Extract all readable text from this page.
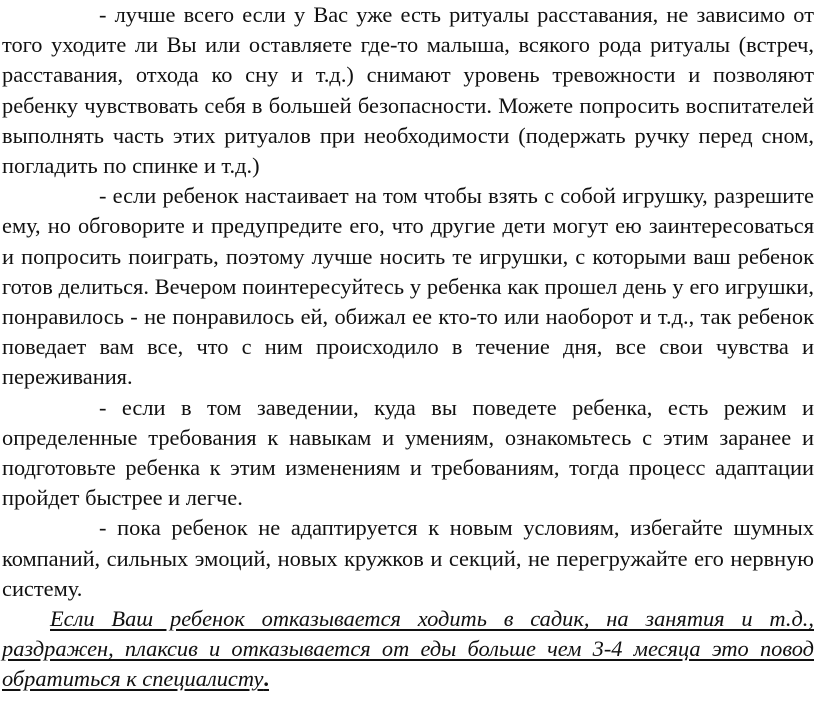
- лучше всего если у Вас уже есть ритуалы расставания, не зависимо от того уходите ли Вы или оставляете где-то малыша, всякого рода ритуалы (встреч, расставания, отхода ко сну и т.д.) снимают уровень тревожности и позволяют ребенку чувствовать себя в большей безопасности. Можете попросить воспитателей выполнять часть этих ритуалов при необходимости (подержать ручку перед сном, погладить по спинке и т.д.)

- если ребенок настаивает на том чтобы взять с собой игрушку, разрешите ему, но обговорите и предупредите его, что другие дети могут ею заинтересоваться и попросить поиграть, поэтому лучше носить те игрушки, с которыми ваш ребенок готов делиться. Вечером поинтересуйтесь у ребенка как прошел день у его игрушки, понравилось - не понравилось ей, обижал ее кто-то или наоборот и т.д., так ребенок поведает вам все, что с ним происходило в течение дня, все свои чувства и переживания.

- если в том заведении, куда вы поведете ребенка, есть режим и определенные требования к навыкам и умениям, ознакомьтесь с этим заранее и подготовьте ребенка к этим изменениям и требованиям, тогда процесс адаптации пройдет быстрее и легче.

- пока ребенок не адаптируется к новым условиям, избегайте шумных компаний, сильных эмоций, новых кружков и секций, не перегружайте его нервную систему.

Если Ваш ребенок отказывается ходить в садик, на занятия и т.д., раздражен, плаксив и отказывается от еды больше чем 3-4 месяца это повод обратиться к специалисту.
